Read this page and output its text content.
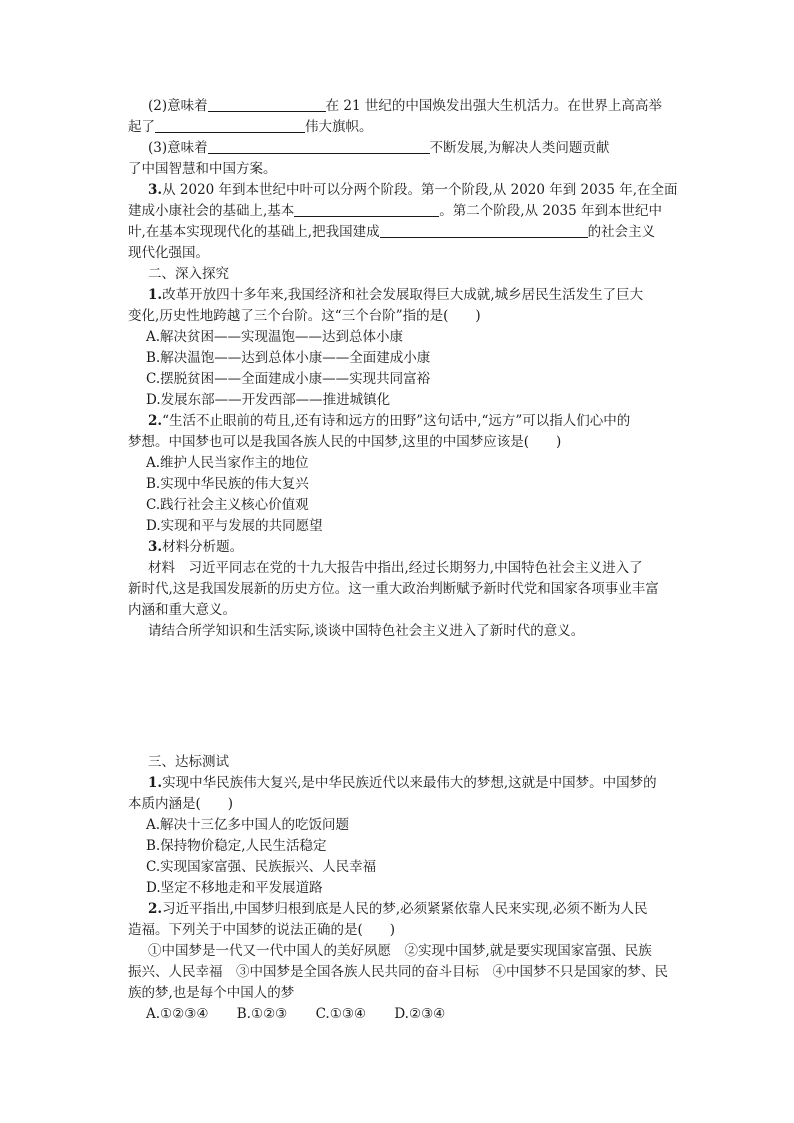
(2)意味着	在 21 世纪的中国焕发出强大生机活力。在世界上高高举

起了	伟大旗帜。

(3)意味着	不断发展,为解决人类问题贡献

了中国智慧和中国方案。

3.从 2020 年到本世纪中叶可以分两个阶段。第一个阶段,从 2020 年到 2035 年,在全面

建成小康社会的基础上,基本	。第二个阶段,从 2035 年到本世纪中

叶,在基本实现现代化的基础上,把我国建成	的社会主义

现代化强国。

二、深入探究

1.改革开放四十多年来,我国经济和社会发展取得巨大成就,城乡居民生活发生了巨大

变化,历史性地跨越了三个台阶。这“三个台阶”指的是(　　)

A.解决贫困——实现温饱——达到总体小康

B.解决温饱——达到总体小康——全面建成小康

C.摆脱贫困——全面建成小康——实现共同富裕

D.发展东部——开发西部——推进城镇化

2.“生活不止眼前的苟且,还有诗和远方的田野”这句话中,“远方”可以指人们心中的

梦想。中国梦也可以是我国各族人民的中国梦,这里的中国梦应该是(　　)

A.维护人民当家作主的地位

B.实现中华民族的伟大复兴

C.践行社会主义核心价值观

D.实现和平与发展的共同愿望

3.材料分析题。

材料　习近平同志在党的十九大报告中指出,经过长期努力,中国特色社会主义进入了

新时代,这是我国发展新的历史方位。这一重大政治判断赋予新时代党和国家各项事业丰富

内涵和重大意义。

请结合所学知识和生活实际,谈谈中国特色社会主义进入了新时代的意义。

三、达标测试

1.实现中华民族伟大复兴,是中华民族近代以来最伟大的梦想,这就是中国梦。中国梦的

本质内涵是(　　)

A.解决十三亿多中国人的吃饭问题

B.保持物价稳定,人民生活稳定

C.实现国家富强、民族振兴、人民幸福

D.坚定不移地走和平发展道路

2.习近平指出,中国梦归根到底是人民的梦,必须紧紧依靠人民来实现,必须不断为人民

造福。下列关于中国梦的说法正确的是(　　)

①中国梦是一代又一代中国人的美好夙愿　②实现中国梦,就是要实现国家富强、民族

振兴、人民幸福　③中国梦是全国各族人民共同的奋斗目标　④中国梦不只是国家的梦、民

族的梦,也是每个中国人的梦

A.①②③④ B.①②③ C.①③④ D.②③④
